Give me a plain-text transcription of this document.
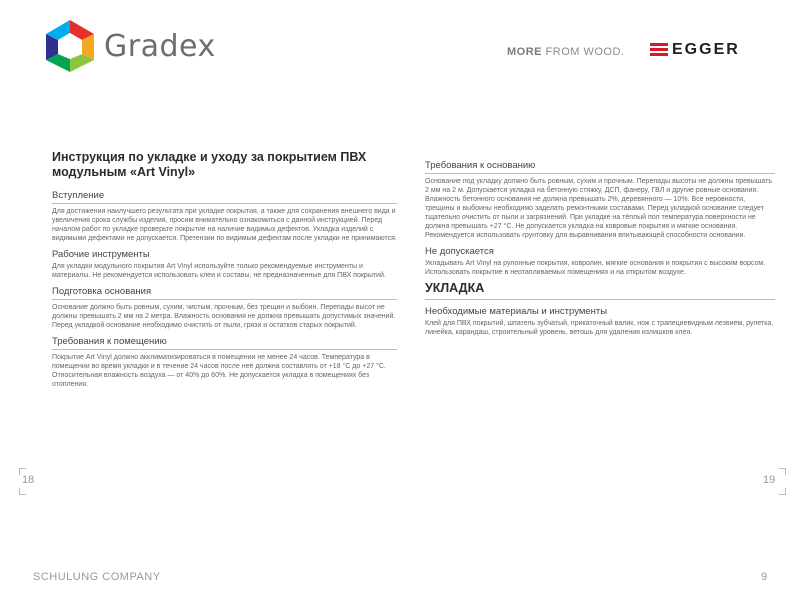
Gradex	MORE FROM WOOD.	EGGER
Инструкция по укладке и уходу за покрытием ПВХ модульным «Art Vinyl»
Вступление

Для достижения наилучшего результата при укладке покрытия, а также для сохранения внешнего вида и увеличения срока службы изделия, просим внимательно ознакомиться с данной инструкцией. Перед началом работ по укладке проверьте покрытие на наличие видимых дефектов. Укладка изделий с видимыми дефектами не допускается. Претензии по видимым дефектам после укладки не принимаются.

Рабочие инструменты

Для укладки модульного покрытия Art Vinyl используйте только рекомендуемые инструменты и материалы. Не рекомендуется использовать клеи и составы, не предназначенные для ПВХ покрытий.

Подготовка основания

Основание должно быть ровным, сухим, чистым, прочным, без трещин и выбоин. Перепады высот не должны превышать 2 мм на 2 метра. Влажность основания не должна превышать допустимых значений. Перед укладкой основание необходимо очистить от пыли, грязи и остатков старых покрытий.

Требования к помещению

Покрытие Art Vinyl должно акклиматизироваться в помещении не менее 24 часов. Температура в помещении во время укладки и в течение 24 часов после неё должна составлять от +18 °C до +27 °C. Относительная влажность воздуха — от 40% до 60%. Не допускается укладка в помещениях без отопления.

Требования к основанию

Основание под укладку должно быть ровным, сухим и прочным. Перепады высоты не должны превышать 2 мм на 2 м. Допускается укладка на бетонную стяжку, ДСП, фанеру, ГВЛ и другие ровные основания. Влажность бетонного основания не должна превышать 2%, деревянного — 10%. Все неровности, трещины и выбоины необходимо заделать ремонтными составами. Перед укладкой основание следует тщательно очистить от пыли и загрязнений. При укладке на тёплый пол температура поверхности не должна превышать +27 °C. Не допускается укладка на ковровые покрытия и мягкие основания. Рекомендуется использовать грунтовку для выравнивания впитывающей способности основания.

Не допускается

Укладывать Art Vinyl на рулонные покрытия, ковролин, мягкие основания и покрытия с высоким ворсом. Использовать покрытие в неотапливаемых помещениях и на открытом воздухе.

УКЛАДКА
Необходимые материалы и инструменты

Клей для ПВХ покрытий, шпатель зубчатый, прикаточный валик, нож с трапециевидным лезвием, рулетка, линейка, карандаш, строительный уровень, ветошь для удаления излишков клея.

18	19
SCHULUNG COMPANY	9
